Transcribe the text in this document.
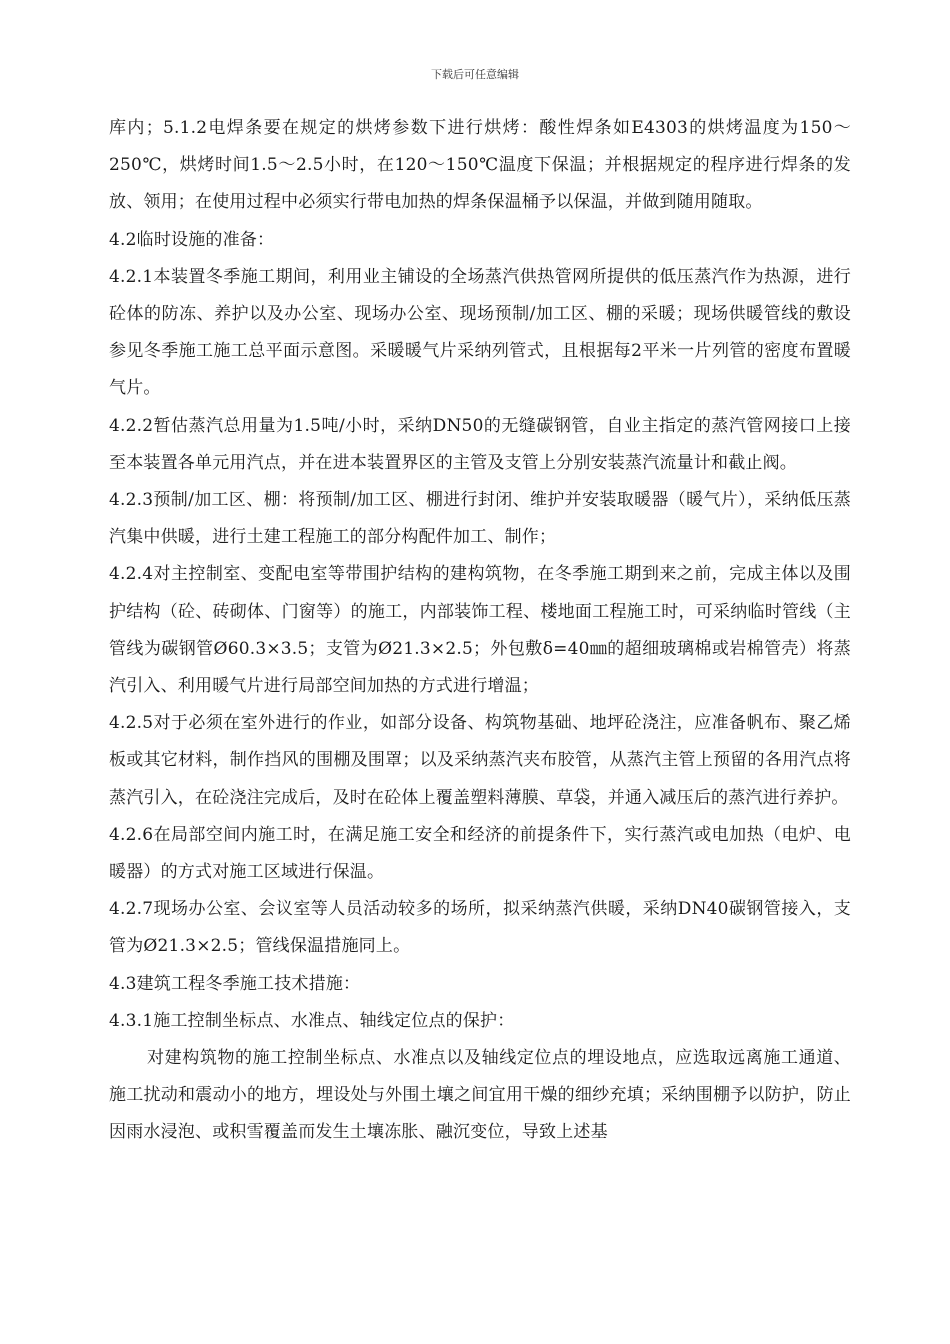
下载后可任意编辑

库内；5.1.2电焊条要在规定的烘烤参数下进行烘烤：酸性焊条如E4303的烘烤温度为150～250℃，烘烤时间1.5～2.5小时，在120～150℃温度下保温；并根据规定的程序进行焊条的发放、领用；在使用过程中必须实行带电加热的焊条保温桶予以保温，并做到随用随取。

4.2临时设施的准备：

4.2.1本装置冬季施工期间，利用业主铺设的全场蒸汽供热管网所提供的低压蒸汽作为热源，进行砼体的防冻、养护以及办公室、现场办公室、现场预制/加工区、棚的采暖；现场供暖管线的敷设参见冬季施工施工总平面示意图。采暖暖气片采纳列管式，且根据每2平米一片列管的密度布置暖气片。

4.2.2暂估蒸汽总用量为1.5吨/小时，采纳DN50的无缝碳钢管，自业主指定的蒸汽管网接口上接至本装置各单元用汽点，并在进本装置界区的主管及支管上分别安装蒸汽流量计和截止阀。

4.2.3预制/加工区、棚：将预制/加工区、棚进行封闭、维护并安装取暖器（暖气片），采纳低压蒸汽集中供暖，进行土建工程施工的部分构配件加工、制作；

4.2.4对主控制室、变配电室等带围护结构的建构筑物，在冬季施工期到来之前，完成主体以及围护结构（砼、砖砌体、门窗等）的施工，内部装饰工程、楼地面工程施工时，可采纳临时管线（主管线为碳钢管Ø60.3×3.5；支管为Ø21.3×2.5；外包敷δ=40㎜的超细玻璃棉或岩棉管壳）将蒸汽引入、利用暖气片进行局部空间加热的方式进行增温；

4.2.5对于必须在室外进行的作业，如部分设备、构筑物基础、地坪砼浇注，应准备帆布、聚乙烯板或其它材料，制作挡风的围棚及围罩；以及采纳蒸汽夹布胶管，从蒸汽主管上预留的各用汽点将蒸汽引入，在砼浇注完成后，及时在砼体上覆盖塑料薄膜、草袋，并通入减压后的蒸汽进行养护。

4.2.6在局部空间内施工时，在满足施工安全和经济的前提条件下，实行蒸汽或电加热（电炉、电暖器）的方式对施工区域进行保温。

4.2.7现场办公室、会议室等人员活动较多的场所，拟采纳蒸汽供暖，采纳DN40碳钢管接入，支管为Ø21.3×2.5；管线保温措施同上。

4.3建筑工程冬季施工技术措施：

4.3.1施工控制坐标点、水准点、轴线定位点的保护：

对建构筑物的施工控制坐标点、水准点以及轴线定位点的埋设地点，应选取远离施工通道、施工扰动和震动小的地方，埋设处与外围土壤之间宜用干燥的细纱充填；采纳围棚予以防护，防止因雨水浸泡、或积雪覆盖而发生土壤冻胀、融沉变位，导致上述基
